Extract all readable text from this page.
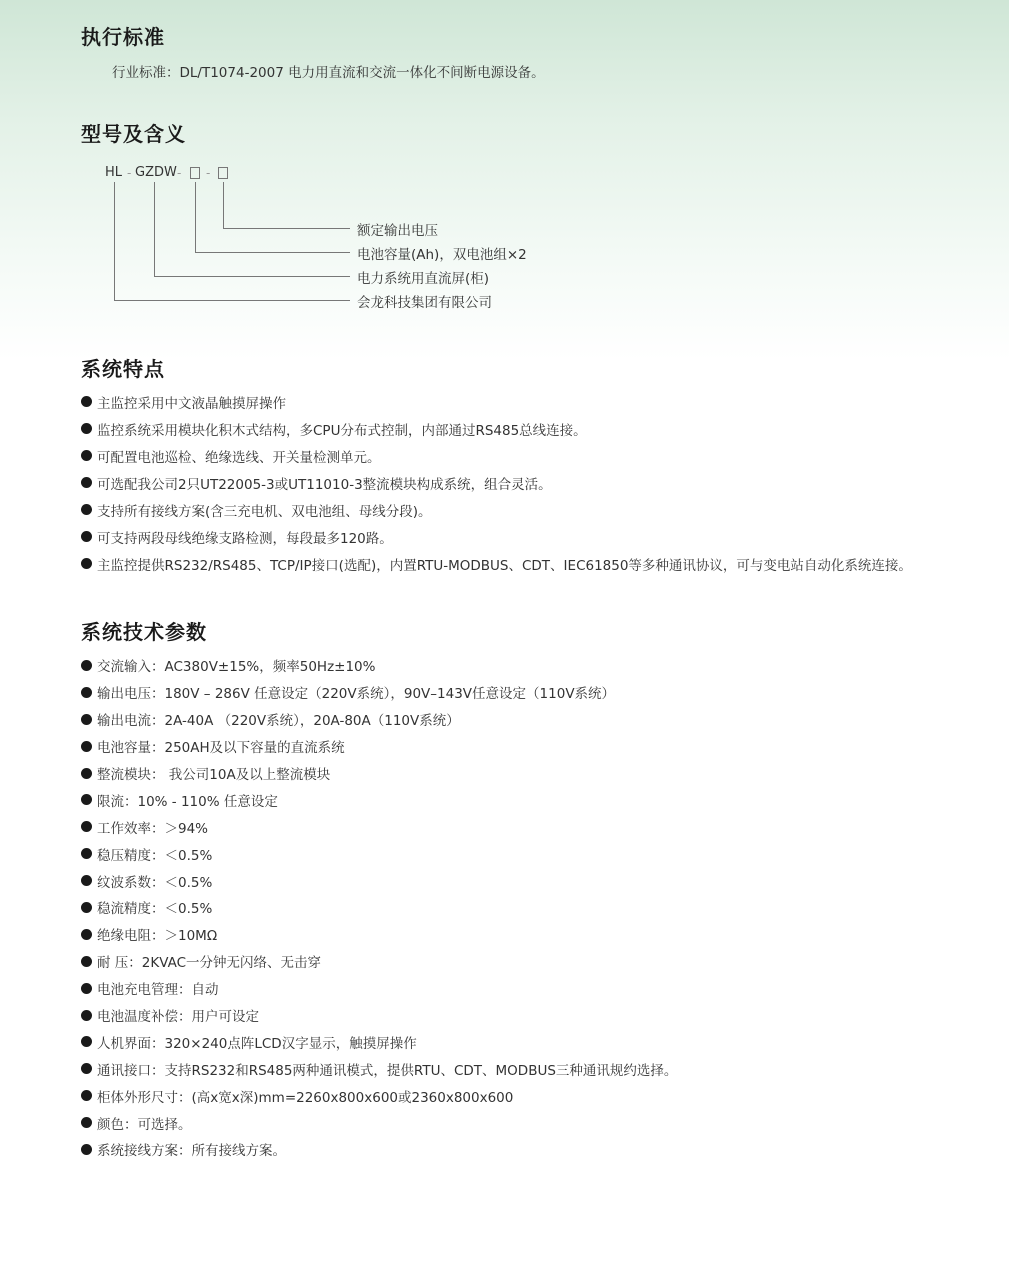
执行标准
行业标准：DL/T1074-2007 电力用直流和交流一体化不间断电源设备。
型号及含义
HL - GZDW - -
额定输出电压
电池容量(Ah)，双电池组×2
电力系统用直流屏(柜)
会龙科技集团有限公司
系统特点
主监控采用中文液晶触摸屏操作
监控系统采用模块化积木式结构，多CPU分布式控制，内部通过RS485总线连接。
可配置电池巡检、绝缘选线、开关量检测单元。
可选配我公司2只UT22005-3或UT11010-3整流模块构成系统，组合灵活。
支持所有接线方案(含三充电机、双电池组、母线分段)。
可支持两段母线绝缘支路检测，每段最多120路。
主监控提供RS232/RS485、TCP/IP接口(选配)，内置RTU-MODBUS、CDT、IEC61850等多种通讯协议，可与变电站自动化系统连接。
系统技术参数
交流输入：AC380V±15%，频率50Hz±10%
输出电压：180V – 286V 任意设定（220V系统），90V–143V任意设定（110V系统）
输出电流：2A-40A （220V系统），20A-80A（110V系统）
电池容量：250AH及以下容量的直流系统
整流模块： 我公司10A及以上整流模块
限流：10% - 110% 任意设定
工作效率：＞94%
稳压精度：＜0.5%
纹波系数：＜0.5%
稳流精度：＜0.5%
绝缘电阻：＞10MΩ
耐 压：2KVAC一分钟无闪络、无击穿
电池充电管理：自动
电池温度补偿：用户可设定
人机界面：320×240点阵LCD汉字显示，触摸屏操作
通讯接口：支持RS232和RS485两种通讯模式，提供RTU、CDT、MODBUS三种通讯规约选择。
柜体外形尺寸：(高x宽x深)mm=2260x800x600或2360x800x600
颜色：可选择。
系统接线方案：所有接线方案。
